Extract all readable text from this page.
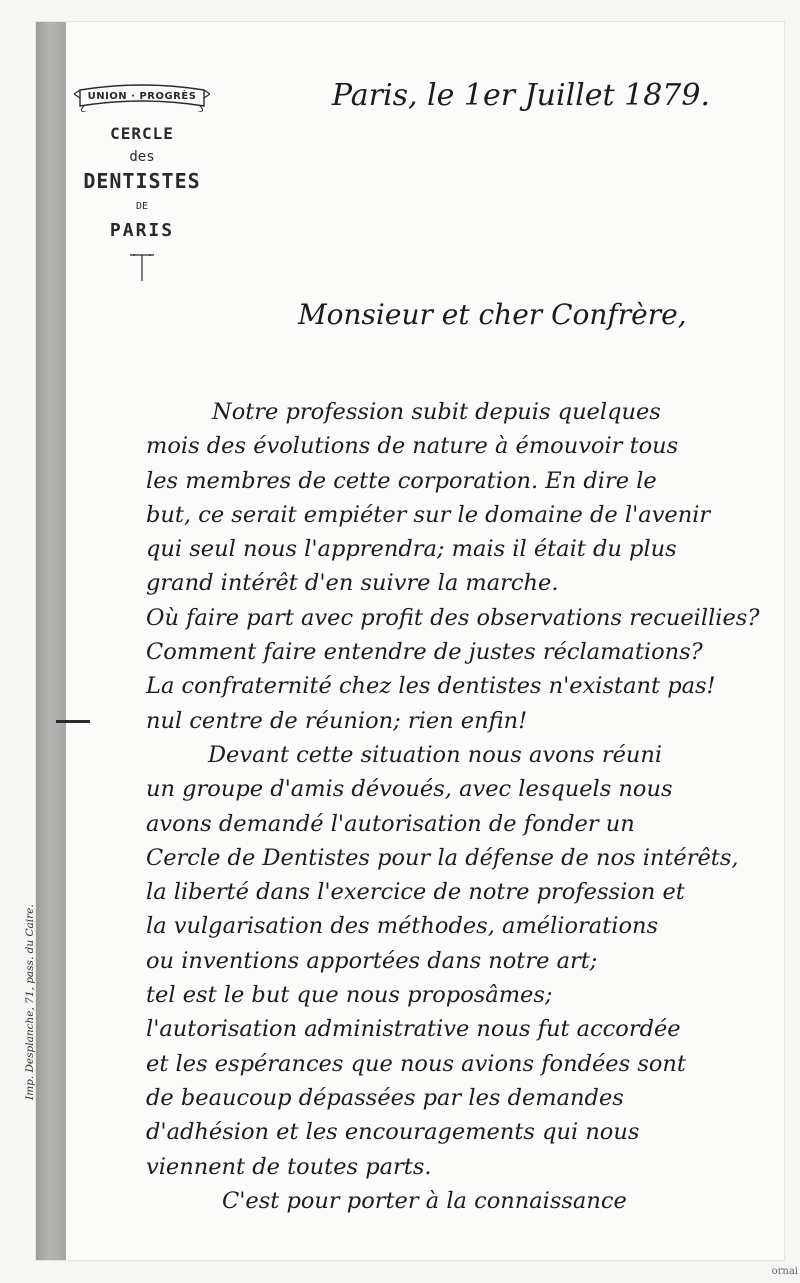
Imp. Desplanche, 71, pass. du Caire.
ornai
UNION · PROGRÈS
CERCLE
des
DENTISTES
DE
PARIS
Paris, le 1er Juillet 1879.
Monsieur et cher Confrère,
Notre profession subit depuis quelques
mois des évolutions de nature à émouvoir tous
les membres de cette corporation. En dire le
but, ce serait empiéter sur le domaine de l'avenir
qui seul nous l'apprendra; mais il était du plus
grand intérêt d'en suivre la marche.
Où faire part avec profit des observations recueillies?
Comment faire entendre de justes réclamations?
La confraternité chez les dentistes n'existant pas!
nul centre de réunion; rien enfin!
Devant cette situation nous avons réuni
un groupe d'amis dévoués, avec lesquels nous
avons demandé l'autorisation de fonder un
Cercle de Dentistes pour la défense de nos intérêts,
la liberté dans l'exercice de notre profession et
la vulgarisation des méthodes, améliorations
ou inventions apportées dans notre art;
tel est le but que nous proposâmes;
l'autorisation administrative nous fut accordée
et les espérances que nous avions fondées sont
de beaucoup dépassées par les demandes
d'adhésion et les encouragements qui nous
viennent de toutes parts.
C'est pour porter à la connaissance
